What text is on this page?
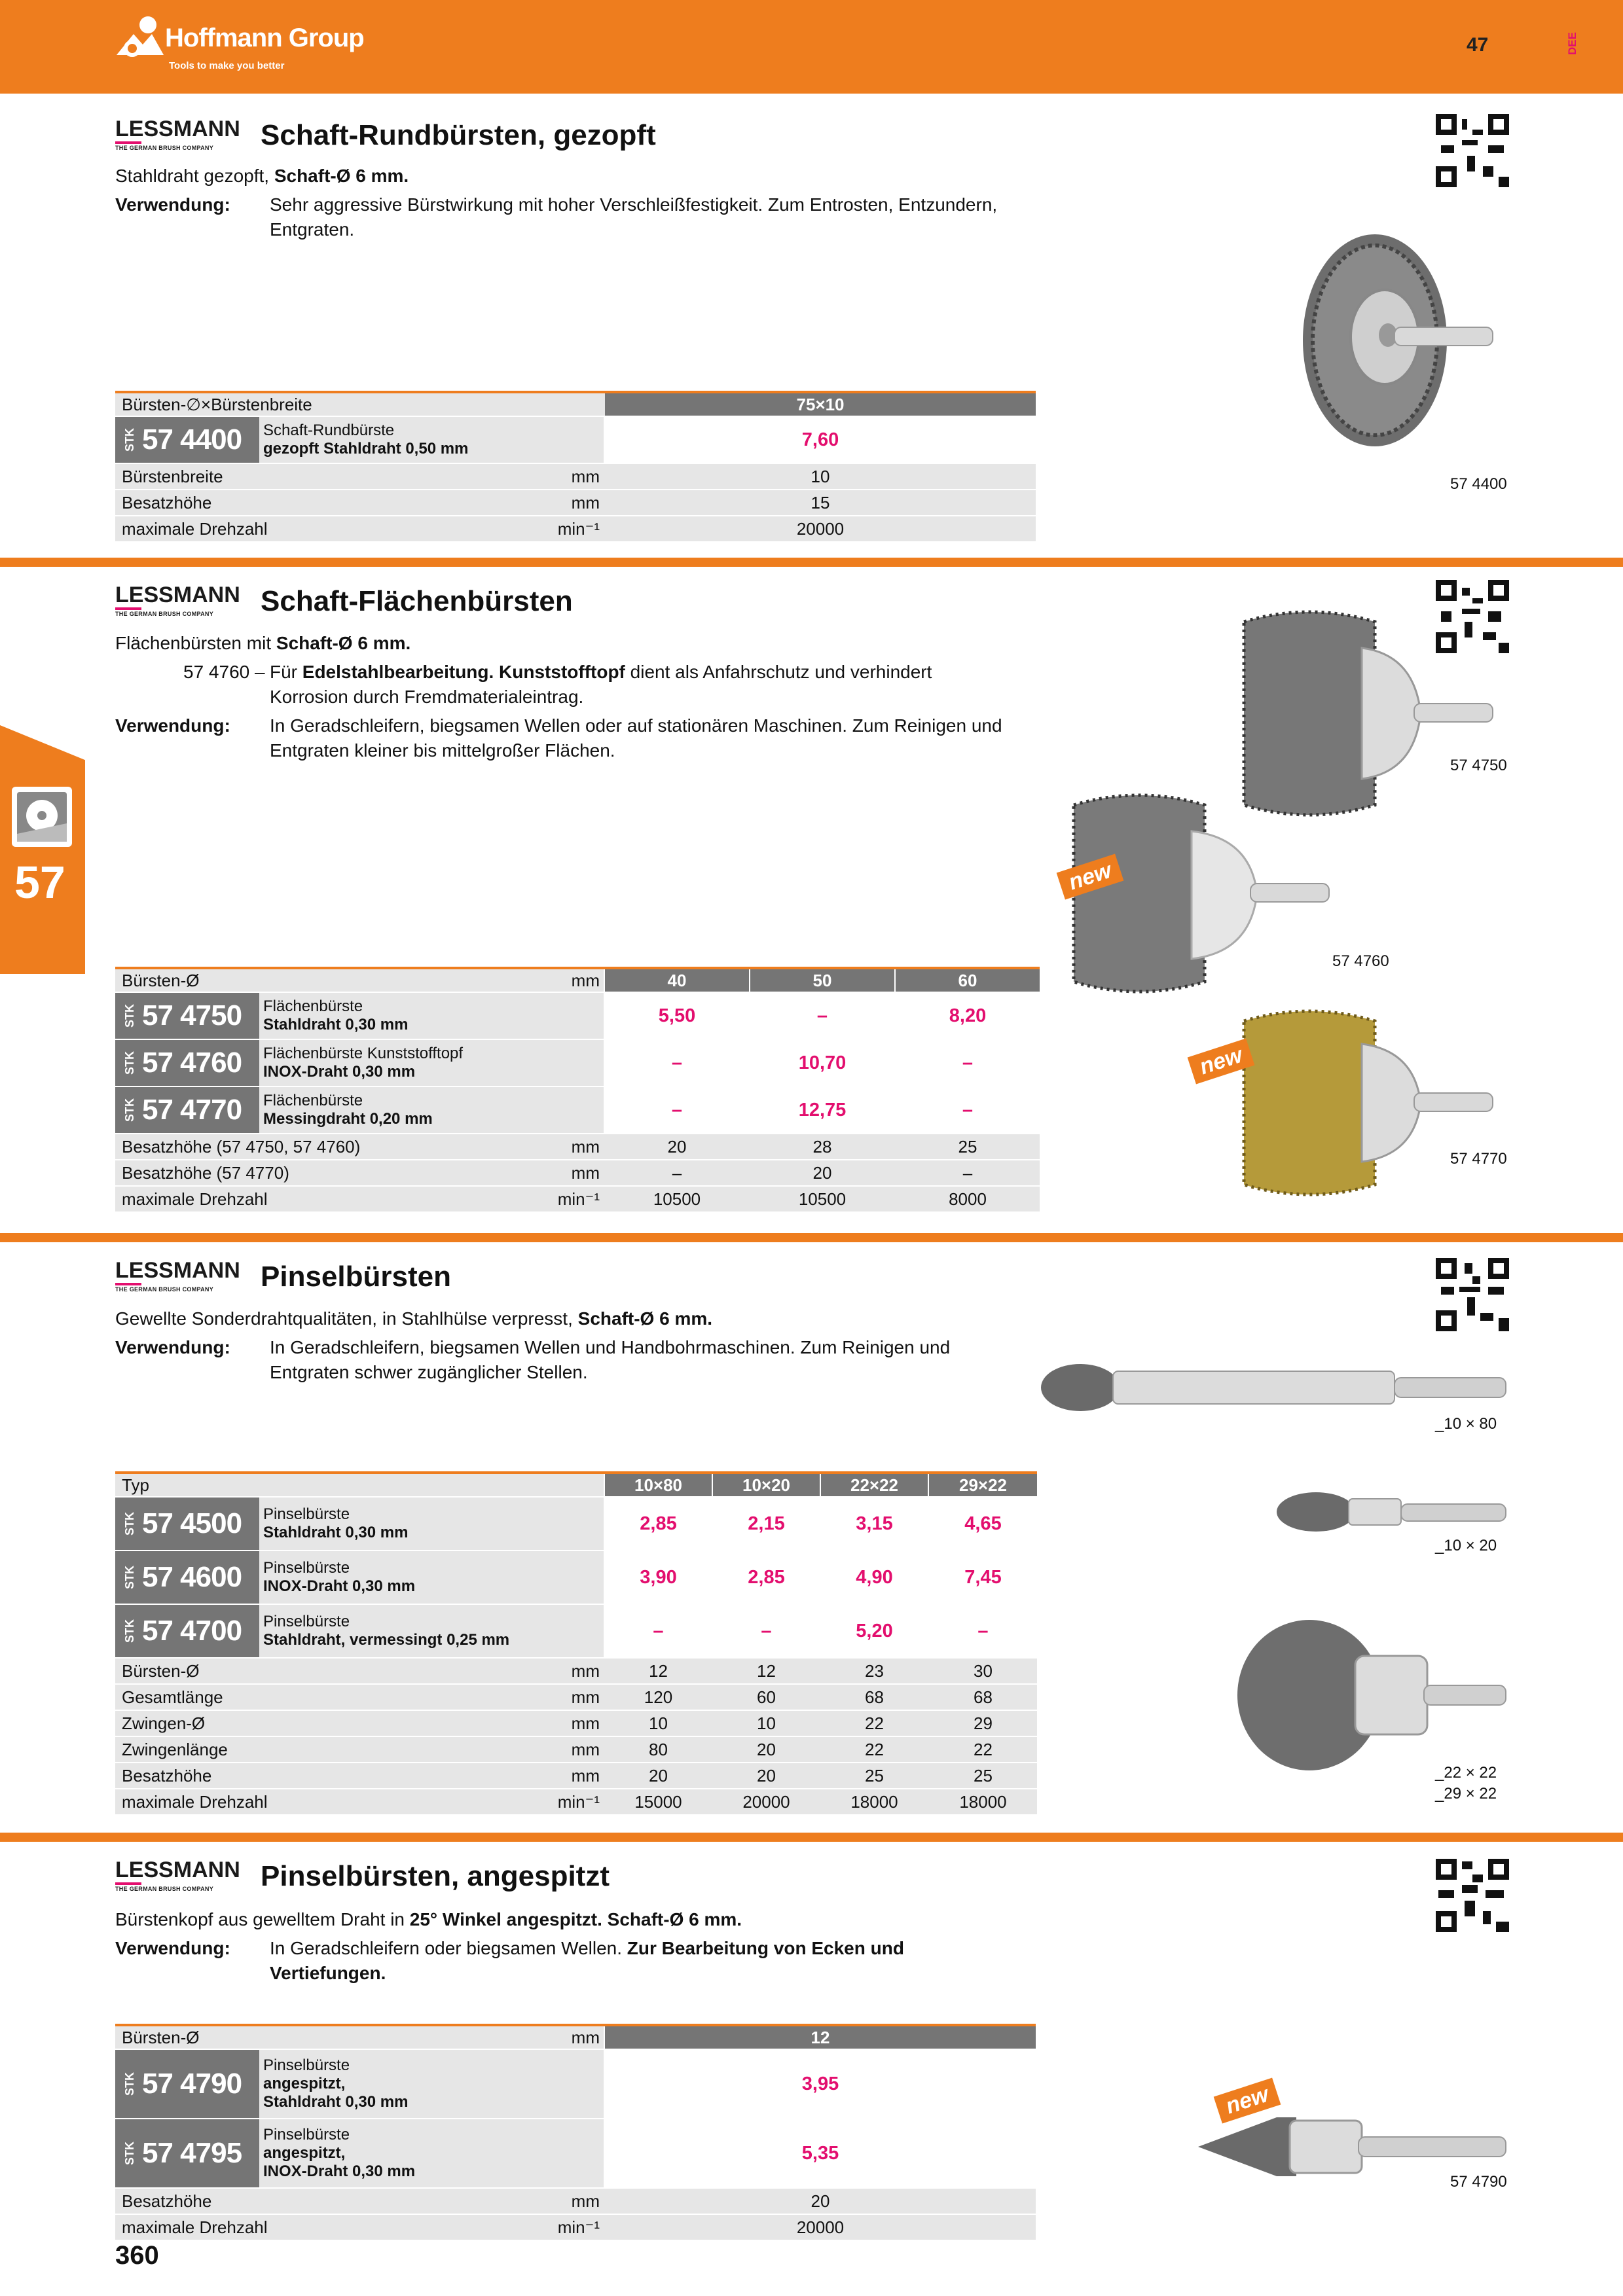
Hoffmann Group
Tools to make you better
47	DEE
57
LESSMANN
THE GERMAN BRUSH COMPANY	Schaft-Rundbürsten, gezopft
Stahldraht gezopft, Schaft-Ø 6 mm.
Verwendung: Sehr aggressive Bürstwirkung mit hoher Verschleißfestigkeit. Zum Entrosten, Entzundern,
Entgraten.
57 4400
Bürsten-∅×Bürstenbreite	75×10
STK 57 4400 Schaft-Rundbürste
gezopft Stahldraht 0,50 mm	7,60
Bürstenbreite	mm	10
Besatzhöhe	mm	15
maximale Drehzahl	min⁻¹	20000
LESSMANN
THE GERMAN BRUSH COMPANY	Schaft-Flächenbürsten
Flächenbürsten mit Schaft-Ø 6 mm.
57 4760 – Für Edelstahlbearbeitung. Kunststofftopf dient als Anfahrschutz und verhindert
Korrosion durch Fremdmaterialeintrag.
Verwendung: In Geradschleifern, biegsamen Wellen oder auf stationären Maschinen. Zum Reinigen und
Entgraten kleiner bis mittelgroßer Flächen.
57 4750
new
57 4760
new
57 4770
Bürsten-Ø	mm	40	50	60
STK 57 4750 Flächenbürste
Stahldraht 0,30 mm	5,50	–	8,20
STK 57 4760 Flächenbürste Kunststofftopf
INOX-Draht 0,30 mm	–	10,70	–
STK 57 4770 Flächenbürste
Messingdraht 0,20 mm	–	12,75	–
Besatzhöhe (57 4750, 57 4760)	mm	20	28	25
Besatzhöhe (57 4770)	mm	–	20	–
maximale Drehzahl	min⁻¹	10500	10500	8000
LESSMANN
THE GERMAN BRUSH COMPANY	Pinselbürsten
Gewellte Sonderdrahtqualitäten, in Stahlhülse verpresst, Schaft-Ø 6 mm.
Verwendung: In Geradschleifern, biegsamen Wellen und Handbohrmaschinen. Zum Reinigen und
Entgraten schwer zugänglicher Stellen.
_10 × 80
_10 × 20
_22 × 22
_29 × 22
Typ	10×80	10×20	22×22	29×22
STK 57 4500 Pinselbürste
Stahldraht 0,30 mm	2,85	2,15	3,15	4,65
STK 57 4600 Pinselbürste
INOX-Draht 0,30 mm	3,90	2,85	4,90	7,45
STK 57 4700 Pinselbürste
Stahldraht, vermessingt 0,25 mm	–	–	5,20	–
Bürsten-Ø	mm	12	12	23	30
Gesamtlänge	mm	120	60	68	68
Zwingen-Ø	mm	10	10	22	29
Zwingenlänge	mm	80	20	22	22
Besatzhöhe	mm	20	20	25	25
maximale Drehzahl	min⁻¹	15000	20000	18000	18000
LESSMANN
THE GERMAN BRUSH COMPANY	Pinselbürsten, angespitzt
Bürstenkopf aus gewelltem Draht in 25° Winkel angespitzt. Schaft-Ø 6 mm.
Verwendung: In Geradschleifern oder biegsamen Wellen. Zur Bearbeitung von Ecken und
Vertiefungen.
new
57 4790
Bürsten-Ø	mm	12
STK 57 4790
Pinselbürste
angespitzt,
Stahldraht 0,30 mm
3,95
STK 57 4795
Pinselbürste
angespitzt,
INOX-Draht 0,30 mm
5,35
Besatzhöhe	mm	20
maximale Drehzahl	min⁻¹	20000
360
